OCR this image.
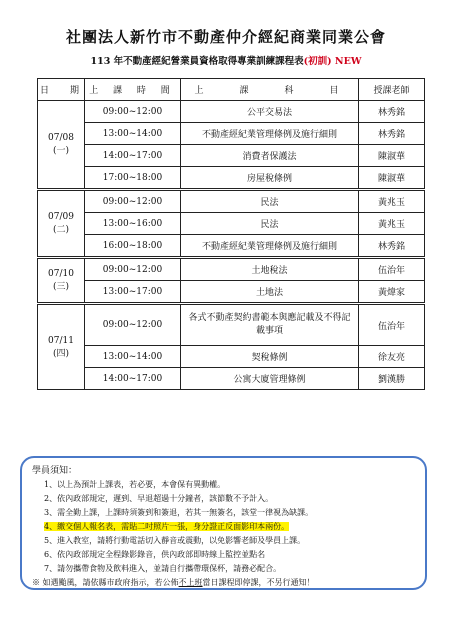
社團法人新竹市不動產仲介經紀商業同業公會
113 年不動產經紀營業員資格取得專業訓練課程表(初訓) NEW
日　期	上 課 時 間	上　　課　　科　　目	授課老師

07/08
(一)	09:00~12:00	公平交易法	林秀銘
	13:00~14:00	不動產經紀業管理條例及施行細則	林秀銘
	14:00~17:00	消費者保護法	陳淑華
	17:00~18:00	房屋稅條例	陳淑華

07/09
(二)	09:00~12:00	民法	黃兆玉
	13:00~16:00	民法	黃兆玉
	16:00~18:00	不動產經紀業管理條例及施行細則	林秀銘

07/10
(三)	09:00~12:00	土地稅法	伍治年
	13:00~17:00	土地法	黃煒家

07/11
(四)	09:00~12:00	各式不動產契約書範本與應記載及不得記載事項	伍治年
	13:00~14:00	契稅條例	徐友亮
	14:00~17:00	公寓大廈管理條例	劉漢勝
學員須知：
1、以上為預計上課表，若必要，本會保有異動權。
2、依內政部規定，遲到、早退超過十分鐘者，該節數不予計入。
3、需全勤上課，上課時須簽到和簽退，若其一無簽名，該堂一律視為缺課。
4、繳交個人報名表，需貼二吋照片一張，身分證正反面影印本兩份。
5、進入教室，請將行動電話切入靜音或震動，以免影響老師及學員上課。
6、依內政部規定全程錄影錄音，供內政部即時線上監控並點名
7、請勿攜帶食物及飲料進入，並請自行攜帶環保杯，請務必配合。
※ 如遇颱風，請依縣市政府指示，若公佈不上班當日課程即停課，不另行通知！
